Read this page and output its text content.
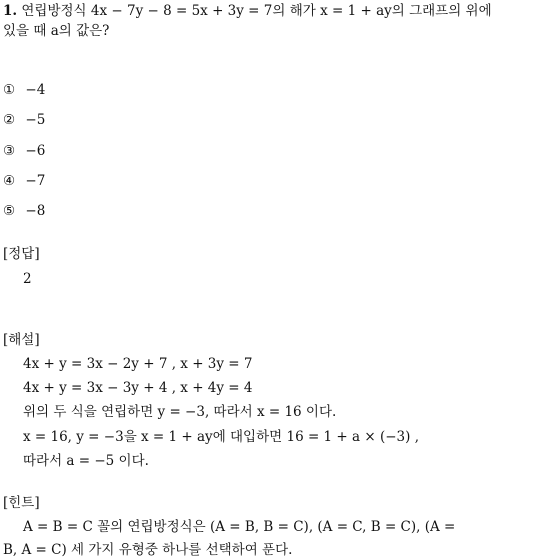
1. 연립방정식 4x − 7y − 8 = 5x + 3y = 7의 해가 x = 1 + ay의 그래프의 위에
있을 때 a의 값은?
① −4
② −5
③ −6
④ −7
⑤ −8
[정답]
2
[해설]
4x + y = 3x − 2y + 7 , x + 3y = 7
4x + y = 3x − 3y + 4 , x + 4y = 4
위의 두 식을 연립하면 y = −3, 따라서 x = 16 이다.
x = 16, y = −3을 x = 1 + ay에 대입하면 16 = 1 + a × (−3) ,
따라서 a = −5 이다.
[힌트]
A = B = C 꼴의 연립방정식은 (A = B, B = C), (A = C, B = C), (A =
B, A = C) 세 가지 유형중 하나를 선택하여 푼다.
